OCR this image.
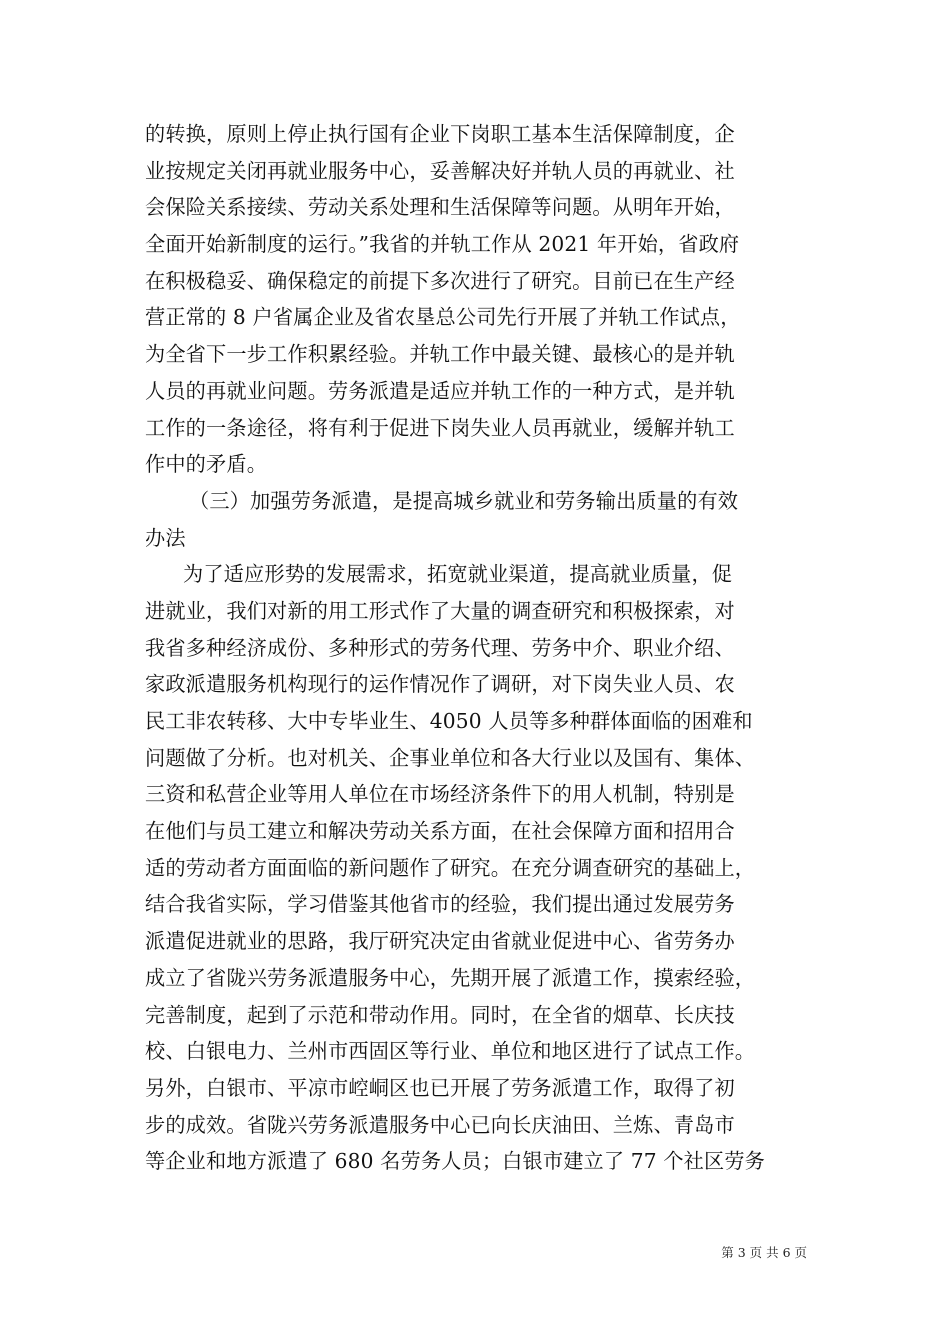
的转换，原则上停止执行国有企业下岗职工基本生活保障制度，企
业按规定关闭再就业服务中心，妥善解决好并轨人员的再就业、社
会保险关系接续、劳动关系处理和生活保障等问题。从明年开始，
全面开始新制度的运行。”我省的并轨工作从 2021 年开始，省政府
在积极稳妥、确保稳定的前提下多次进行了研究。目前已在生产经
营正常的 8 户省属企业及省农垦总公司先行开展了并轨工作试点，
为全省下一步工作积累经验。并轨工作中最关键、最核心的是并轨
人员的再就业问题。劳务派遣是适应并轨工作的一种方式，是并轨
工作的一条途径，将有利于促进下岗失业人员再就业，缓解并轨工
作中的矛盾。
（三）加强劳务派遣，是提高城乡就业和劳务输出质量的有效
办法
为了适应形势的发展需求，拓宽就业渠道，提高就业质量，促
进就业，我们对新的用工形式作了大量的调查研究和积极探索，对
我省多种经济成份、多种形式的劳务代理、劳务中介、职业介绍、
家政派遣服务机构现行的运作情况作了调研，对下岗失业人员、农
民工非农转移、大中专毕业生、4050 人员等多种群体面临的困难和
问题做了分析。也对机关、企事业单位和各大行业以及国有、集体、
三资和私营企业等用人单位在市场经济条件下的用人机制，特别是
在他们与员工建立和解决劳动关系方面，在社会保障方面和招用合
适的劳动者方面面临的新问题作了研究。在充分调查研究的基础上，
结合我省实际，学习借鉴其他省市的经验，我们提出通过发展劳务
派遣促进就业的思路，我厅研究决定由省就业促进中心、省劳务办
成立了省陇兴劳务派遣服务中心，先期开展了派遣工作，摸索经验，
完善制度，起到了示范和带动作用。同时，在全省的烟草、长庆技
校、白银电力、兰州市西固区等行业、单位和地区进行了试点工作。
另外，白银市、平凉市崆峒区也已开展了劳务派遣工作，取得了初
步的成效。省陇兴劳务派遣服务中心已向长庆油田、兰炼、青岛市
等企业和地方派遣了 680 名劳务人员；白银市建立了 77 个社区劳务
第 3 页 共 6 页
